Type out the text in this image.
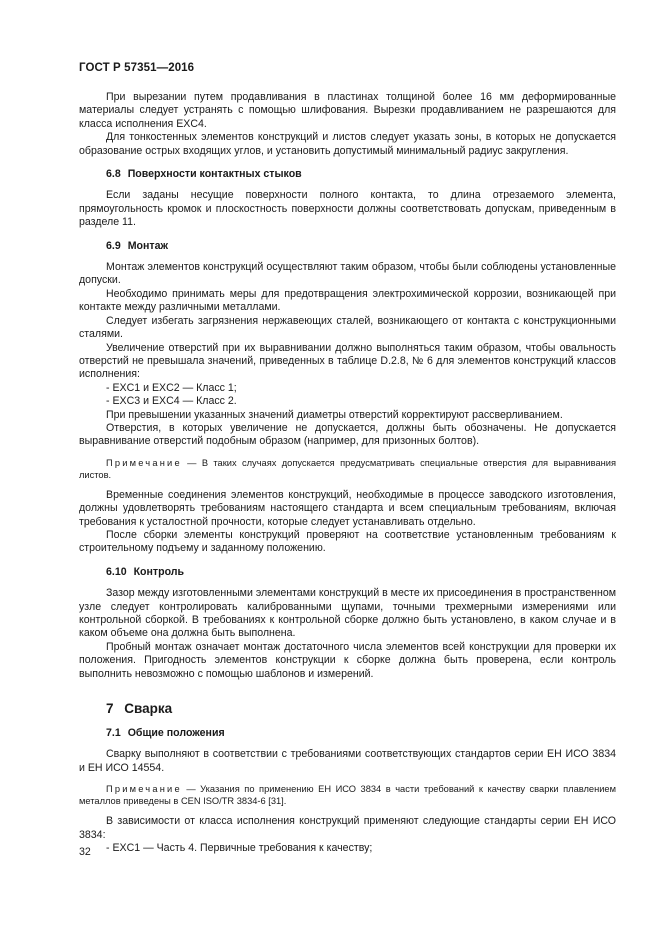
ГОСТ Р 57351—2016

При вырезании путем продавливания в пластинах толщиной более 16 мм деформированные материалы следует устранять с помощью шлифования. Вырезки продавливанием не разрешаются для класса исполнения EXC4.

Для тонкостенных элементов конструкций и листов следует указать зоны, в которых не допускается образование острых входящих углов, и установить допустимый минимальный радиус закругления.

6.8 Поверхности контактных стыков

Если заданы несущие поверхности полного контакта, то длина отрезаемого элемента, прямоугольность кромок и плоскостность поверхности должны соответствовать допускам, приведенным в разделе 11.

6.9 Монтаж

Монтаж элементов конструкций осуществляют таким образом, чтобы были соблюдены установленные допуски.

Необходимо принимать меры для предотвращения электрохимической коррозии, возникающей при контакте между различными металлами.

Следует избегать загрязнения нержавеющих сталей, возникающего от контакта с конструкционными сталями.

Увеличение отверстий при их выравнивании должно выполняться таким образом, чтобы овальность отверстий не превышала значений, приведенных в таблице D.2.8, № 6 для элементов конструкций классов исполнения:

- EXC1 и EXC2 — Класс 1;

- EXC3 и EXC4 — Класс 2.

При превышении указанных значений диаметры отверстий корректируют рассверливанием.

Отверстия, в которых увеличение не допускается, должны быть обозначены. Не допускается выравнивание отверстий подобным образом (например, для призонных болтов).

Примечание — В таких случаях допускается предусматривать специальные отверстия для выравнивания листов.

Временные соединения элементов конструкций, необходимые в процессе заводского изготовления, должны удовлетворять требованиям настоящего стандарта и всем специальным требованиям, включая требования к усталостной прочности, которые следует устанавливать отдельно.

После сборки элементы конструкций проверяют на соответствие установленным требованиям к строительному подъему и заданному положению.

6.10 Контроль

Зазор между изготовленными элементами конструкций в месте их присоединения в пространственном узле следует контролировать калиброванными щупами, точными трехмерными измерениями или контрольной сборкой. В требованиях к контрольной сборке должно быть установлено, в каком случае и в каком объеме она должна быть выполнена.

Пробный монтаж означает монтаж достаточного числа элементов всей конструкции для проверки их положения. Пригодность элементов конструкции к сборке должна быть проверена, если контроль выполнить невозможно с помощью шаблонов и измерений.

7 Сварка
7.1 Общие положения

Сварку выполняют в соответствии с требованиями соответствующих стандартов серии ЕН ИСО 3834 и ЕН ИСО 14554.

Примечание — Указания по применению ЕН ИСО 3834 в части требований к качеству сварки плавлением металлов приведены в CEN ISO/TR 3834-6 [31].

В зависимости от класса исполнения конструкций применяют следующие стандарты серии ЕН ИСО 3834:

- EXC1 — Часть 4. Первичные требования к качеству;

32
